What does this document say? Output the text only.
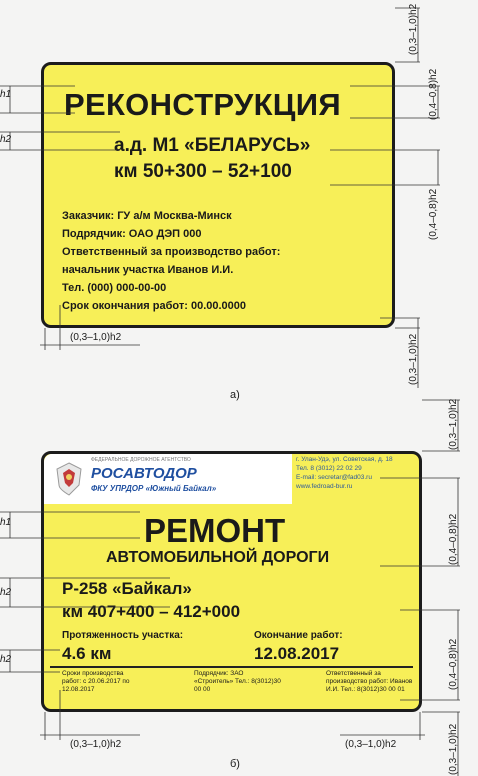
РЕКОНСТРУКЦИЯ
а.д. М1 «БЕЛАРУСЬ»
км 50+300 – 52+100
Заказчик: ГУ а/м Москва-Минск
Подрядчик: ОАО ДЭП 000
Ответственный за производство работ:
начальник участка Иванов И.И.
Тел. (000) 000-00-00
Срок окончания работ: 00.00.0000
ФЕДЕРАЛЬНОЕ ДОРОЖНОЕ АГЕНТСТВО
РОСАВТОДОР
ФКУ УПРДОР «Южный Байкал»
г. Улан-Удэ, ул. Советская, д. 18
Тел. 8 (3012) 22 02 29
E-mail: secretar@fad03.ru
www.fedroad-bur.ru
РЕМОНТ
АВТОМОБИЛЬНОЙ ДОРОГИ
Р-258 «Байкал»
км 407+400 – 412+000
Протяженность участка:
4.6 км
Окончание работ:
12.08.2017
Сроки производства работ: с 20.06.2017 по 12.08.2017
Подрядчик: ЗАО «Строитель» Тел.: 8(3012)30 00 00
Ответственный за производство работ: Иванов И.И. Тел.: 8(3012)30 00 01
h1
h2
(0,3–1,0)h2
(0,3–1,0)h2
(0,4–0,8)h2
(0,4–0,8)h2
(0,3–1,0)h2
а)
h1
h2
h2
(0,3–1,0)h2
(0,4–0,8)h2
(0,4–0,8)h2
(0,3–1,0)h2
(0,3–1,0)h2	(0,3–1,0)h2
б)
